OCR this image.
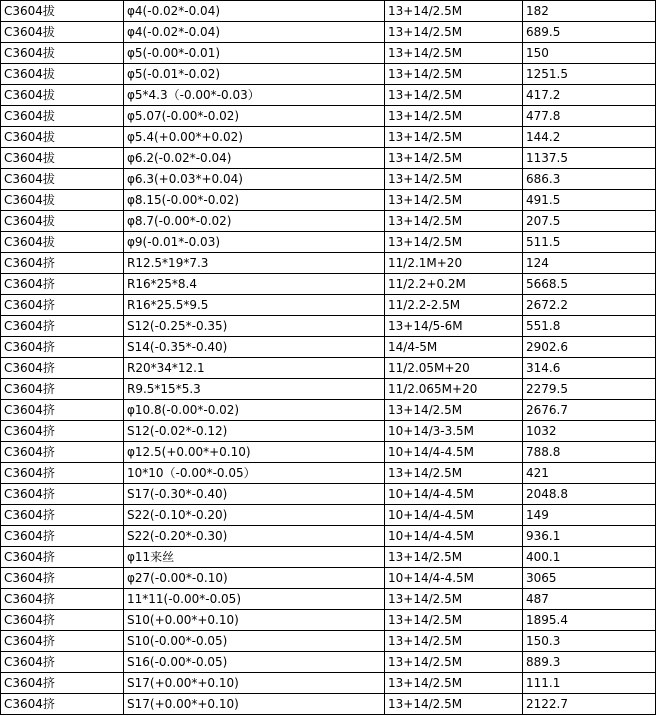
C3604拔	φ4(-0.02*-0.04)	13+14/2.5M	182
C3604拔	φ4(-0.02*-0.04)	13+14/2.5M	689.5
C3604拔	φ5(-0.00*-0.01)	13+14/2.5M	150
C3604拔	φ5(-0.01*-0.02)	13+14/2.5M	1251.5
C3604拔	φ5*4.3（-0.00*-0.03）	13+14/2.5M	417.2
C3604拔	φ5.07(-0.00*-0.02)	13+14/2.5M	477.8
C3604拔	φ5.4(+0.00*+0.02)	13+14/2.5M	144.2
C3604拔	φ6.2(-0.02*-0.04)	13+14/2.5M	1137.5
C3604拔	φ6.3(+0.03*+0.04)	13+14/2.5M	686.3
C3604拔	φ8.15(-0.00*-0.02)	13+14/2.5M	491.5
C3604拔	φ8.7(-0.00*-0.02)	13+14/2.5M	207.5
C3604拔	φ9(-0.01*-0.03)	13+14/2.5M	511.5
C3604挤	R12.5*19*7.3	11/2.1M+20	124
C3604挤	R16*25*8.4	11/2.2+0.2M	5668.5
C3604挤	R16*25.5*9.5	11/2.2-2.5M	2672.2
C3604挤	S12(-0.25*-0.35)	13+14/5-6M	551.8
C3604挤	S14(-0.35*-0.40)	14/4-5M	2902.6
C3604挤	R20*34*12.1	11/2.05M+20	314.6
C3604挤	R9.5*15*5.3	11/2.065M+20	2279.5
C3604挤	φ10.8(-0.00*-0.02)	13+14/2.5M	2676.7
C3604挤	S12(-0.02*-0.12)	10+14/3-3.5M	1032
C3604挤	φ12.5(+0.00*+0.10)	10+14/4-4.5M	788.8
C3604挤	10*10（-0.00*-0.05）	13+14/2.5M	421
C3604挤	S17(-0.30*-0.40)	10+14/4-4.5M	2048.8
C3604挤	S22(-0.10*-0.20)	10+14/4-4.5M	149
C3604挤	S22(-0.20*-0.30)	10+14/4-4.5M	936.1
C3604挤	φ11来丝	13+14/2.5M	400.1
C3604挤	φ27(-0.00*-0.10)	10+14/4-4.5M	3065
C3604挤	11*11(-0.00*-0.05)	13+14/2.5M	487
C3604挤	S10(+0.00*+0.10)	13+14/2.5M	1895.4
C3604挤	S10(-0.00*-0.05)	13+14/2.5M	150.3
C3604挤	S16(-0.00*-0.05)	13+14/2.5M	889.3
C3604挤	S17(+0.00*+0.10)	13+14/2.5M	111.1
C3604挤	S17(+0.00*+0.10)	13+14/2.5M	2122.7
